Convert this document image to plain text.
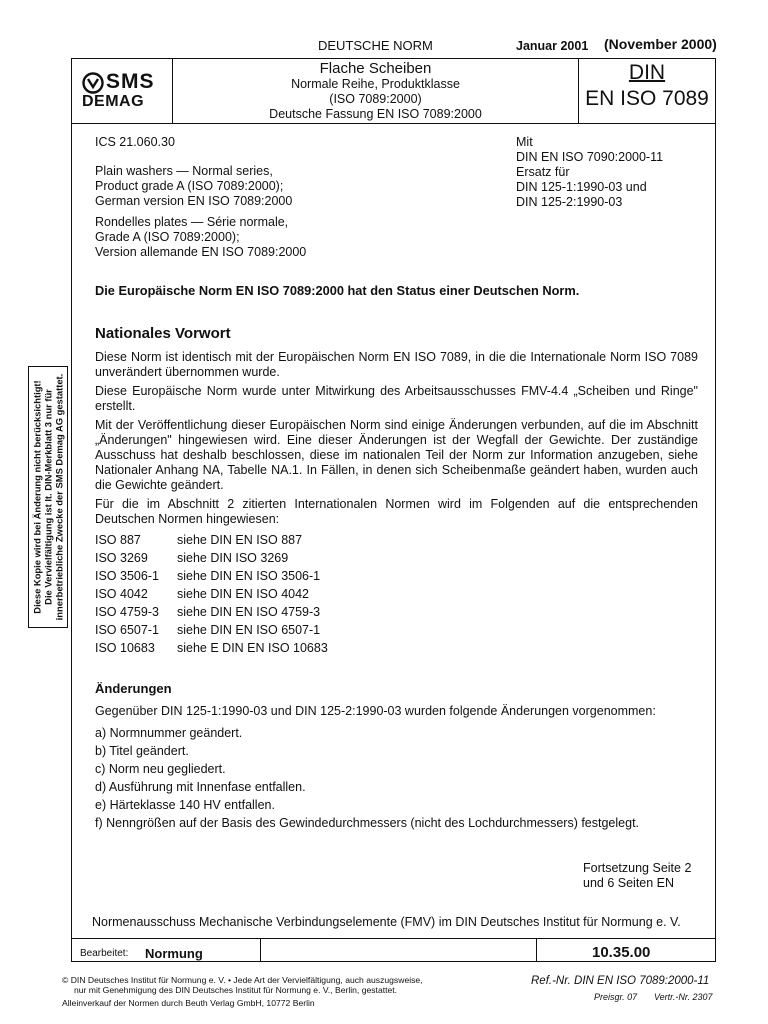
DEUTSCHE NORM	Januar 2001 (November 2000)
SMS
DEMAG
Flache Scheiben
Normale Reihe, Produktklasse
(ISO 7089:2000)
Deutsche Fassung EN ISO 7089:2000
DIN
EN ISO 7089
ICS 21.060.30
Plain washers — Normal series,
Product grade A (ISO 7089:2000);
German version EN ISO 7089:2000
Rondelles plates — Série normale,
Grade A (ISO 7089:2000);
Version allemande EN ISO 7089:2000
Mit
DIN EN ISO 7090:2000-11
Ersatz für
DIN 125-1:1990-03 und
DIN 125-2:1990-03
Die Europäische Norm EN ISO 7089:2000 hat den Status einer Deutschen Norm.
Nationales Vorwort
Diese Norm ist identisch mit der Europäischen Norm EN ISO 7089, in die die Internationale Norm ISO 7089 unverändert übernommen wurde.
Diese Europäische Norm wurde unter Mitwirkung des Arbeitsausschusses FMV-4.4 „Scheiben und Ringe" erstellt.
Mit der Veröffentlichung dieser Europäischen Norm sind einige Änderungen verbunden, auf die im Abschnitt „Änderungen" hingewiesen wird. Eine dieser Änderungen ist der Wegfall der Gewichte. Der zuständige Ausschuss hat deshalb beschlossen, diese im nationalen Teil der Norm zur Information anzugeben, siehe Nationaler Anhang NA, Tabelle NA.1. In Fällen, in denen sich Scheibenmaße geändert haben, wurden auch die Gewichte geändert.
Für die im Abschnitt 2 zitierten Internationalen Normen wird im Folgenden auf die entsprechenden Deutschen Normen hingewiesen:
ISO 887	siehe DIN EN ISO 887
ISO 3269	siehe DIN ISO 3269
ISO 3506-1	siehe DIN EN ISO 3506-1
ISO 4042	siehe DIN EN ISO 4042
ISO 4759-3	siehe DIN EN ISO 4759-3
ISO 6507-1	siehe DIN EN ISO 6507-1
ISO 10683	siehe E DIN EN ISO 10683
Änderungen
Gegenüber DIN 125-1:1990-03 und DIN 125-2:1990-03 wurden folgende Änderungen vorgenommen:
a) Normnummer geändert.
b) Titel geändert.
c) Norm neu gegliedert.
d) Ausführung mit Innenfase entfallen.
e) Härteklasse 140 HV entfallen.
f) Nenngrößen auf der Basis des Gewindedurchmessers (nicht des Lochdurchmessers) festgelegt.
Fortsetzung Seite 2
und 6 Seiten EN
Normenausschuss Mechanische Verbindungselemente (FMV) im DIN Deutsches Institut für Normung e. V.
Bearbeitet: Normung	10.35.00
© DIN Deutsches Institut für Normung e. V. • Jede Art der Vervielfältigung, auch auszugsweise,
nur mit Genehmigung des DIN Deutsches Institut für Normung e. V., Berlin, gestattet.
Ref.-Nr. DIN EN ISO 7089:2000-11
Preisgr. 07 Vertr.-Nr. 2307
Alleinverkauf der Normen durch Beuth Verlag GmbH, 10772 Berlin
Diese Kopie wird bei Änderung nicht berücksichtigt! Die Vervielfältigung ist lt. DIN-Merkblatt 3 nur für innerbetriebliche Zwecke der SMS Demag AG gestattet.
